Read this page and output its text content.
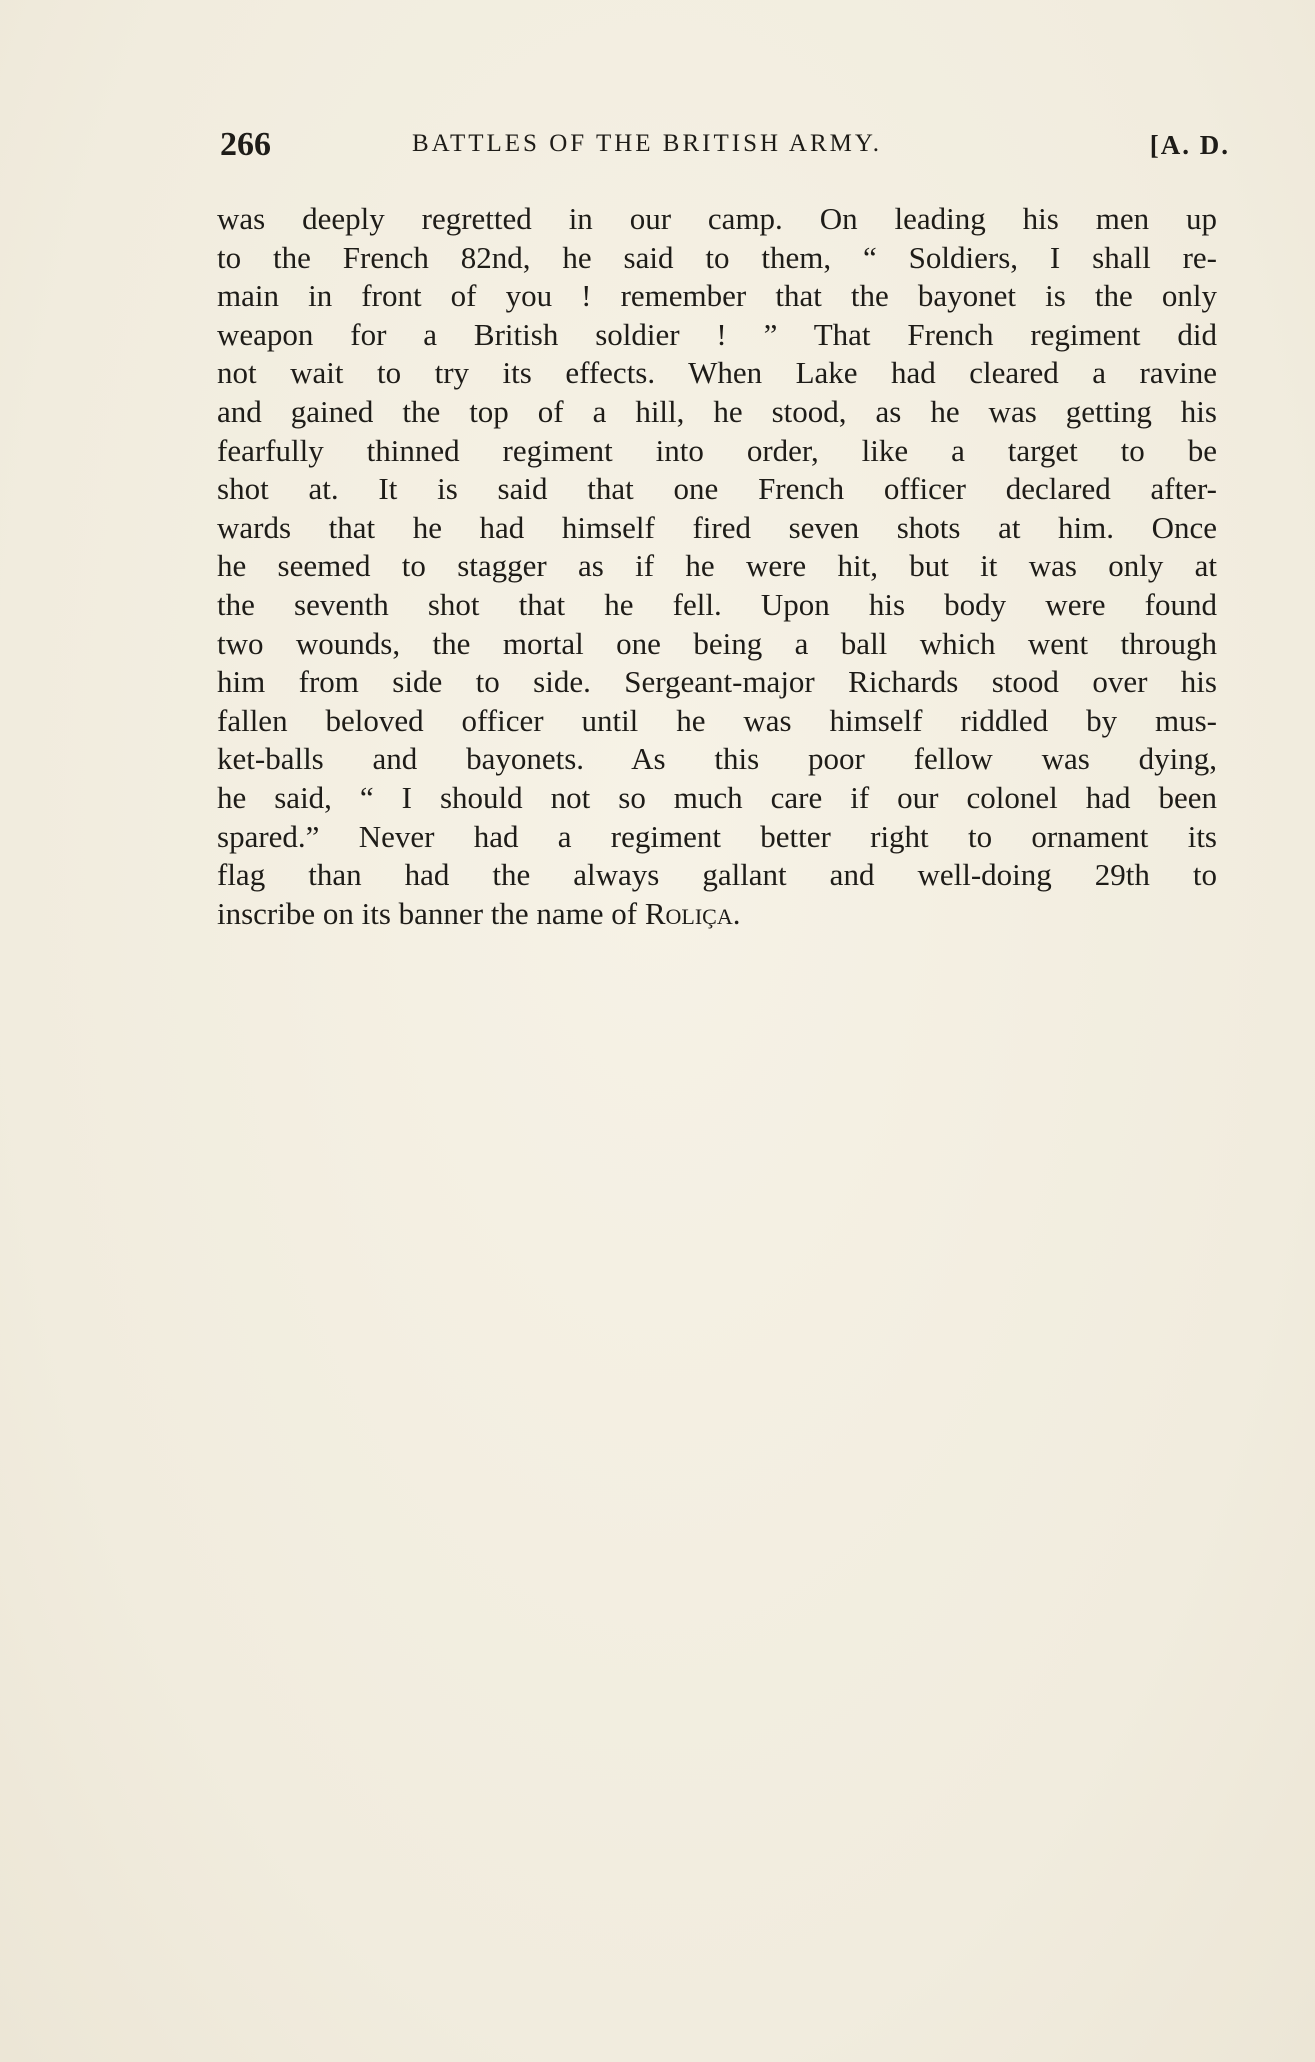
266	BATTLES OF THE BRITISH ARMY.	[A. D.
was deeply regretted in our camp. On leading his men up
to the French 82nd, he said to them, “ Soldiers, I shall re-
main in front of you ! remember that the bayonet is the only
weapon for a British soldier ! ” That French regiment did
not wait to try its effects. When Lake had cleared a ravine
and gained the top of a hill, he stood, as he was getting his
fearfully thinned regiment into order, like a target to be
shot at. It is said that one French officer declared after-
wards that he had himself fired seven shots at him. Once
he seemed to stagger as if he were hit, but it was only at
the seventh shot that he fell. Upon his body were found
two wounds, the mortal one being a ball which went through
him from side to side. Sergeant-major Richards stood over his
fallen beloved officer until he was himself riddled by mus-
ket-balls and bayonets. As this poor fellow was dying,
he said, “ I should not so much care if our colonel had been
spared.” Never had a regiment better right to ornament its
flag than had the always gallant and well-doing 29th to
inscribe on its banner the name of Roliça.
